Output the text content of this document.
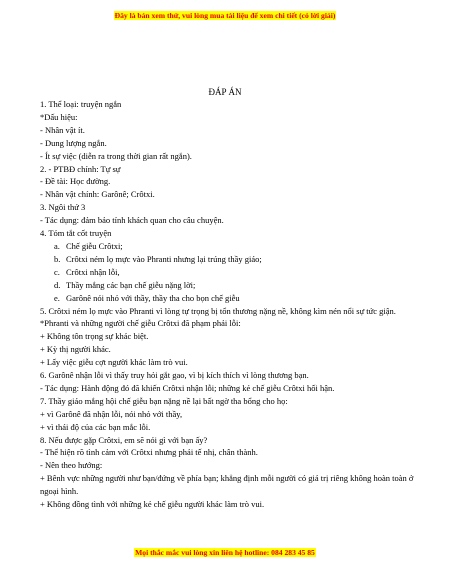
Đây là bản xem thử, vui lòng mua tài liệu để xem chi tiết (có lời giải)
ĐÁP ÁN
1. Thể loại: truyện ngắn
*Dấu hiệu:
- Nhân vật ít.
- Dung lượng ngắn.
- Ít sự việc (diễn ra trong thời gian rất ngắn).
2. - PTBĐ chính: Tự sự
- Đề tài: Học đường.
- Nhân vật chính: Garônê; Crôtxi.
3. Ngôi thứ 3
- Tác dụng: đảm bảo tính khách quan cho câu chuyện.
4. Tóm tắt cốt truyện
a. Chế giễu Crôtxi;
b. Crôtxi ném lọ mực vào Phranti nhưng lại trúng thầy giáo;
c. Crôtxi nhận lỗi,
d. Thầy mắng các bạn chế giễu nặng lời;
e. Garônê nói nhỏ với thầy, thầy tha cho bọn chế giễu
5. Crôtxi ném lọ mực vào Phranti vì lòng tự trọng bị tổn thương nặng nề, không kìm nén nổi sự tức giận.
*Phranti và những người chế giễu Crôtxi đã phạm phải lỗi:
+ Không tôn trọng sự khác biệt.
+ Kỳ thị người khác.
+ Lấy việc giễu cợt người khác làm trò vui.
6. Garônê nhận lỗi vì thấy truy hỏi gắt gao, vì bị kích thích vì lòng thương bạn.
- Tác dụng: Hành động đó đã khiến Crôtxi nhận lỗi; những kẻ chế giễu Crôtxi hối hận.
7. Thầy giáo mắng hội chế giễu bạn nặng nề lại bất ngờ tha bổng cho họ:
+ vì Garônê đã nhận lỗi, nói nhỏ với thầy,
+ vì thái độ của các bạn mắc lỗi.
8. Nếu được gặp Crôtxi, em sẽ nói gì với bạn ấy?
- Thể hiện rõ tình cảm với Crôtxi nhưng phải tế nhị, chân thành.
- Nên theo hướng:
+ Bênh vực những người như bạn/đứng về phía bạn; khẳng định mỗi người có giá trị riêng không hoàn toàn ở ngoại hình.
+ Không đồng tình với những kẻ chế giễu người khác làm trò vui.
Mọi thắc mắc vui lòng xin liên hệ hotline: 084 283 45 85
